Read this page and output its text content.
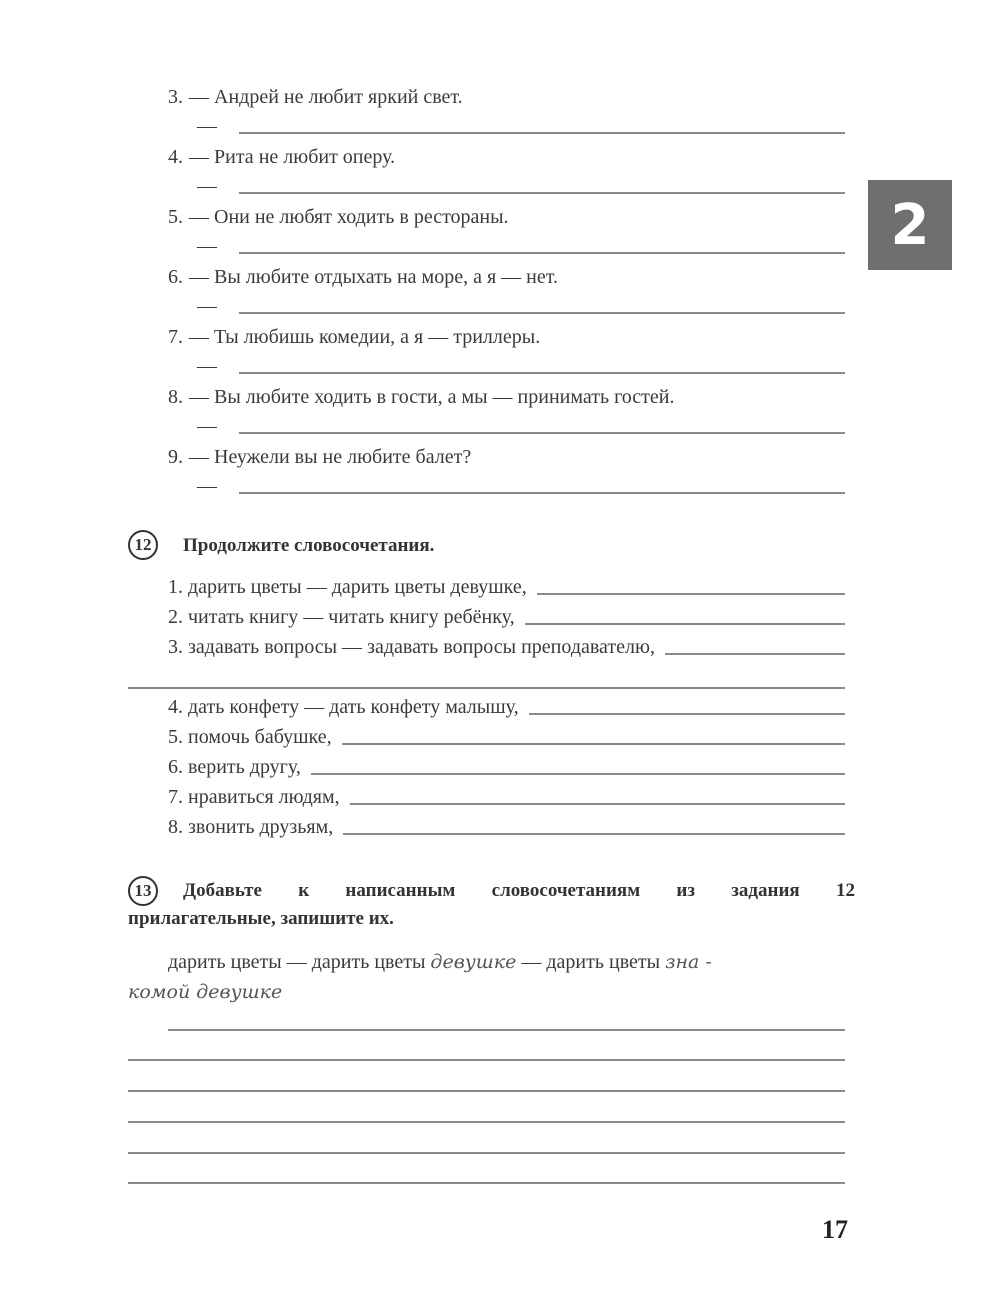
2
3. — Андрей не любит яркий свет.
—
4. — Рита не любит оперу.
—
5. — Они не любят ходить в рестораны.
—
6. — Вы любите отдыхать на море, а я — нет.
—
7. — Ты любишь комедии, а я — триллеры.
—
8. — Вы любите ходить в гости, а мы — принимать гостей.
—
9. — Неужели вы не любите балет?
—
12	Продолжите словосочетания.
1. дарить цветы — дарить цветы девушке,
2. читать книгу — читать книгу ребёнку,
3. задавать вопросы — задавать вопросы преподавателю,
4. дать конфету — дать конфету малышу,
5. помочь бабушке,
6. верить другу,
7. нравиться людям,
8. звонить друзьям,
13	Добавьте к написанным словосочетаниям из задания 12
прилагательные, запишите их.
дарить цветы — дарить цветы девушке — дарить цветы зна -
комой девушке
17
